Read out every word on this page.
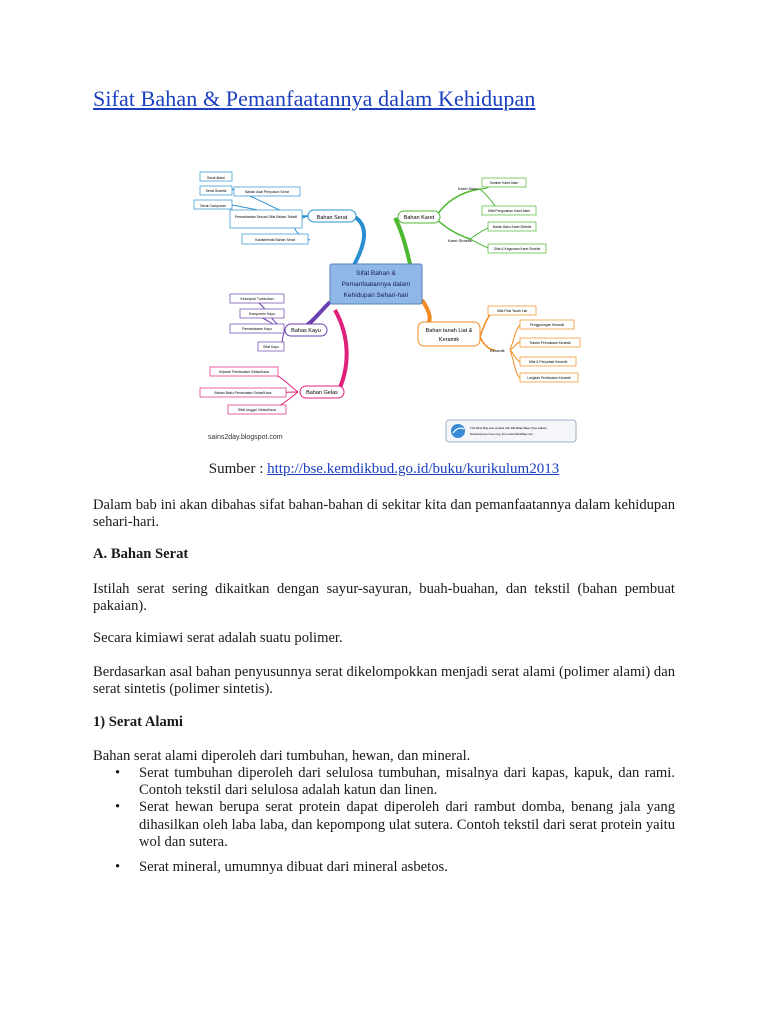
Sifat Bahan & Pemanfaatannya dalam Kehidupan
Sifat Bahan &
Pemanfaatannya dalam
Kehidupan Sehari-hari
Bahan Serat	Bahan Karet
Bahas Kayu	Bahan tanah Liat &
Keramik
Bahan Gelas
Serat Alami
Serat Sintetis
Serat Campuran
Bahan Asal Penyusun Serat
Pemanfaatan Sesuai Sifat Bahan Tekstil
Karakteristik Bahan Serat
Karet Alam
Karet Sintetis
Sumber Karet Alam
Sifat Pengolahan Karet Alam
Bahan Baku Karet Sintetis
Sifat & Kegunaan Karet Sintetis
Kelompok Tumbuhan
Komponen Kayu
Pemanfaatan Kayu
Sifat Kayu
Sifat Fisik Tanah Liat
Keramik
Penggolongan Keramik
Tekstur Permukaan Keramik
Sifat & Penyebab Keramik
Langkah Pembuatan Keramik
Sejarah Pembuatan Gelas/Kaca
Bahan Baku Pembuatan Gelas/Kaca
Sifat Unggul Gelas/Kaca
sains2day.blogspot.com
This Mind Map was created with iMindMap Basic (free edition)
Download your free copy from www.iMindMap.com
Sumber : http://bse.kemdikbud.go.id/buku/kurikulum2013
Dalam bab ini akan dibahas sifat bahan-bahan di sekitar kita dan pemanfaatannya dalam kehidupan sehari-hari.
A. Bahan Serat
Istilah serat sering dikaitkan dengan sayur-sayuran, buah-buahan, dan tekstil (bahan pembuat pakaian).
Secara kimiawi serat adalah suatu polimer.
Berdasarkan asal bahan penyusunnya serat dikelompokkan menjadi serat alami (polimer alami) dan serat sintetis (polimer sintetis).
1) Serat Alami
Bahan serat alami diperoleh dari tumbuhan, hewan, dan mineral.
• Serat tumbuhan diperoleh dari selulosa tumbuhan, misalnya dari kapas, kapuk, dan rami. Contoh tekstil dari selulosa adalah katun dan linen.
• Serat hewan berupa serat protein dapat diperoleh dari rambut domba, benang jala yang dihasilkan oleh laba laba, dan kepompong ulat sutera. Contoh tekstil dari serat protein yaitu wol dan sutera.
• Serat mineral, umumnya dibuat dari mineral asbetos.
